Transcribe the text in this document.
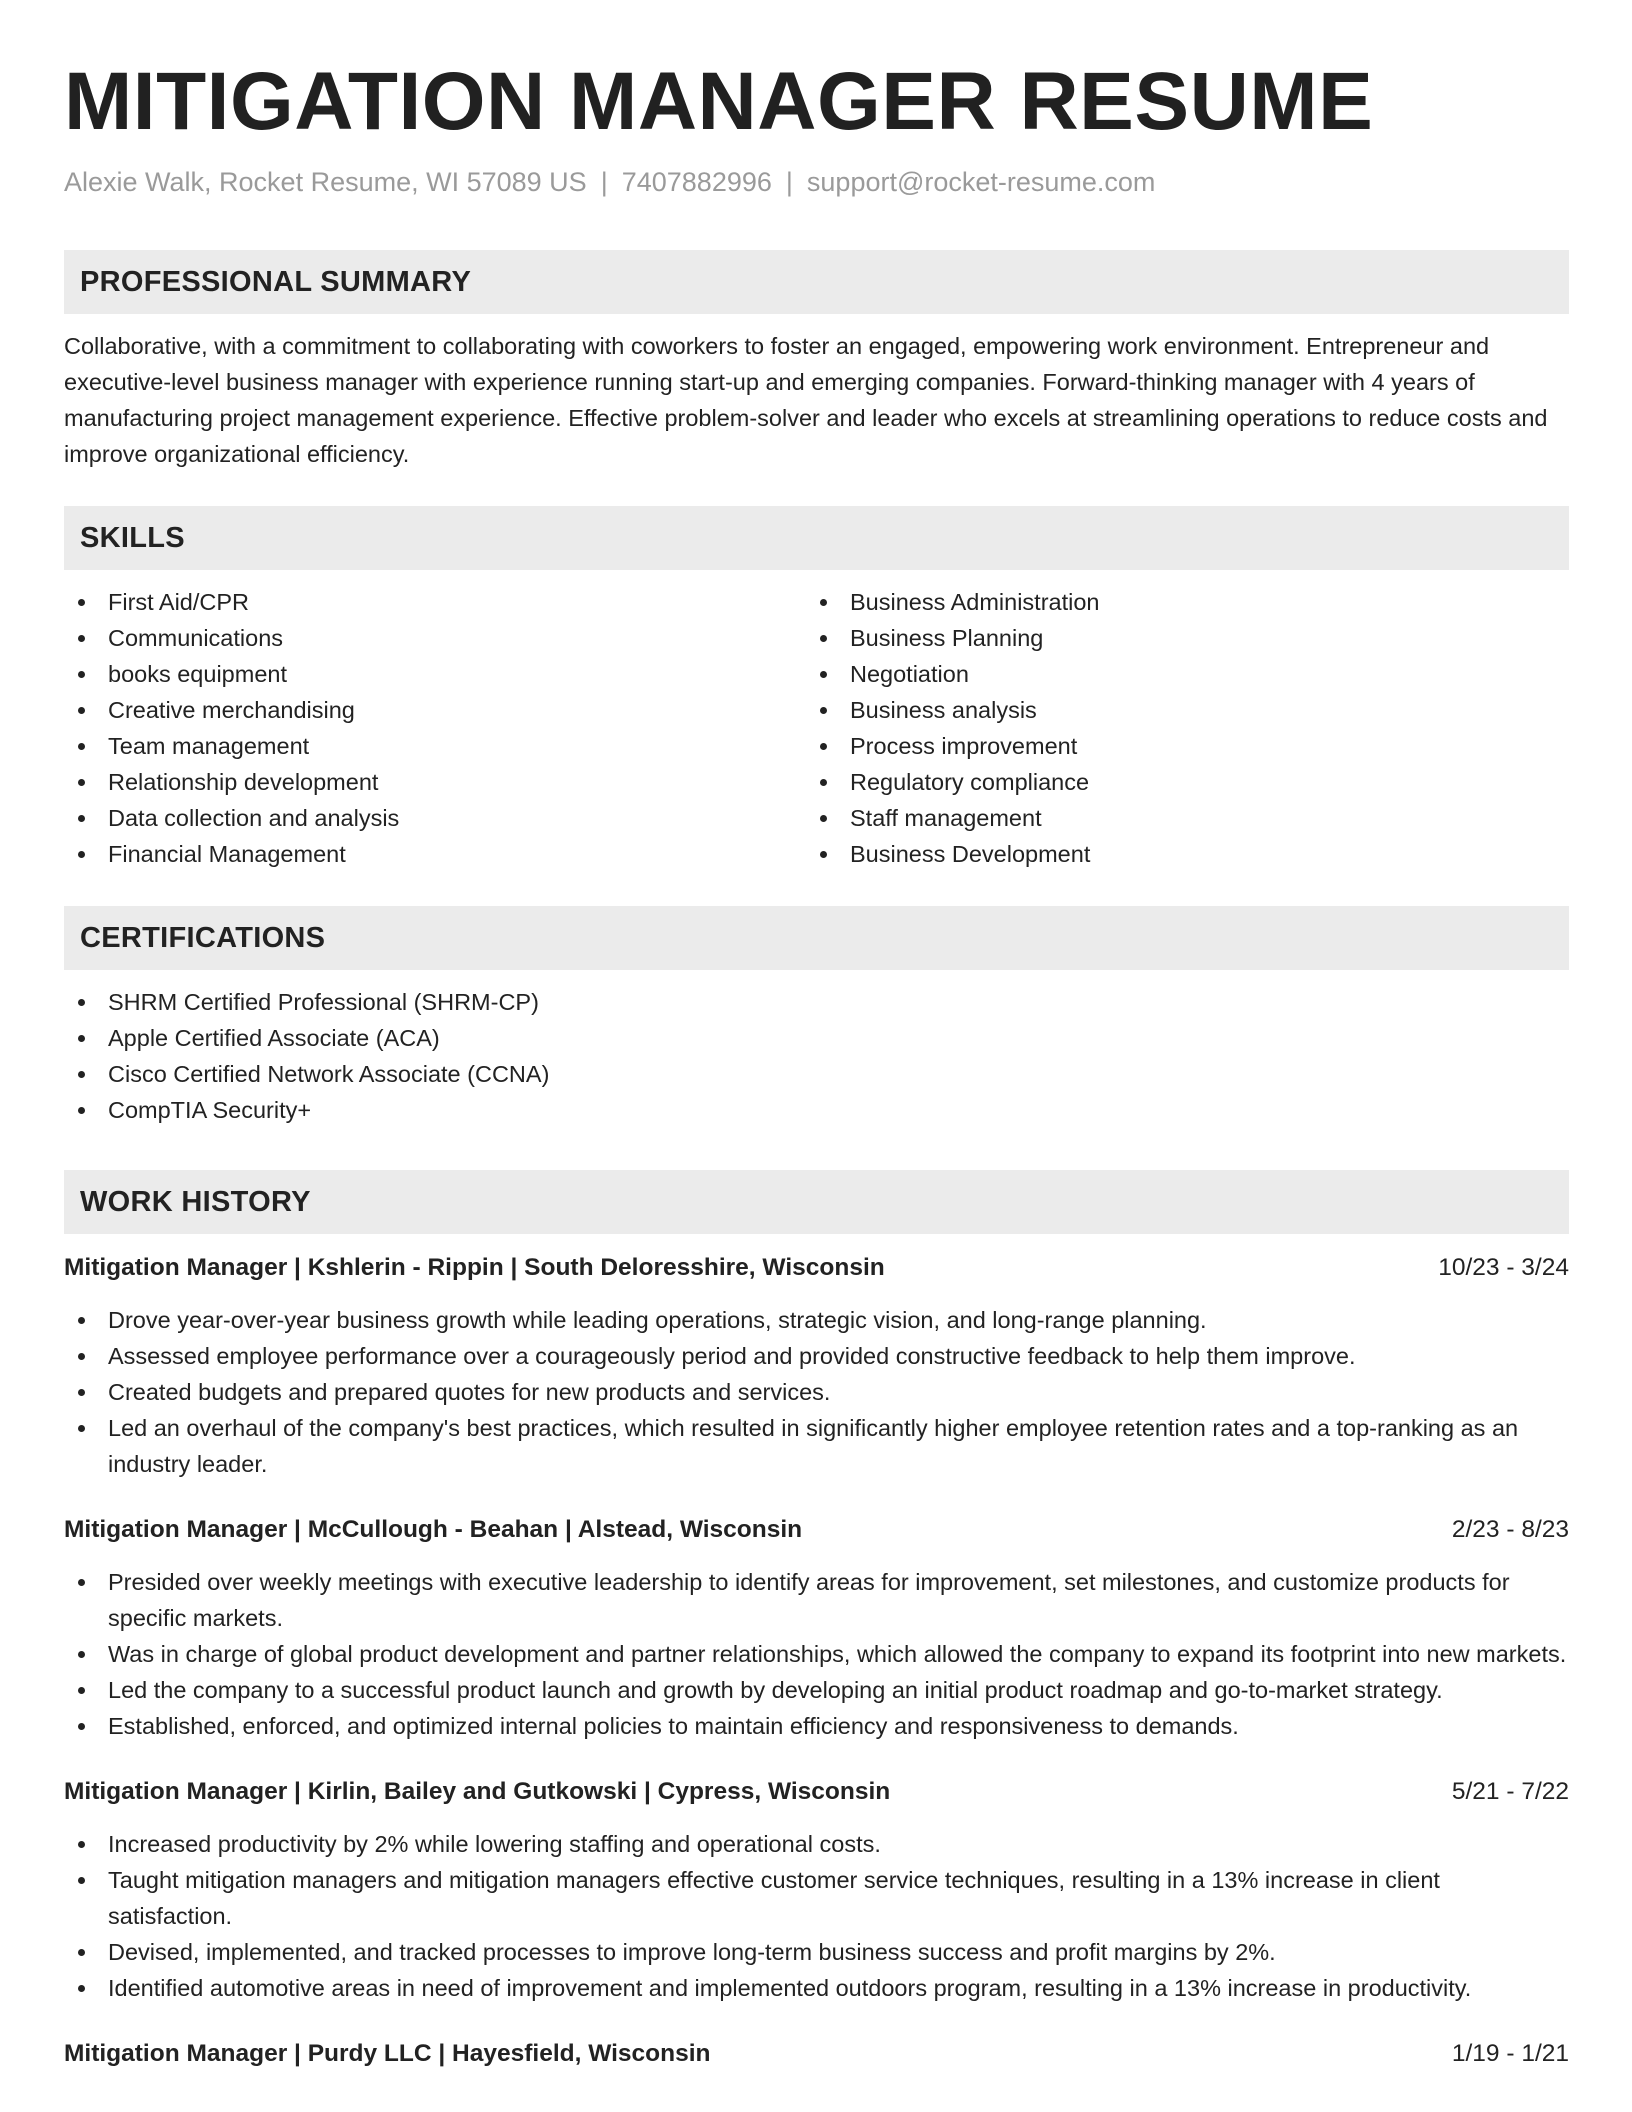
MITIGATION MANAGER RESUME
Alexie Walk, Rocket Resume, WI 57089 US | 7407882996 | support@rocket-resume.com
PROFESSIONAL SUMMARY

Collaborative, with a commitment to collaborating with coworkers to foster an engaged, empowering work environment. Entrepreneur and executive-level business manager with experience running start-up and emerging companies. Forward-thinking manager with 4 years of manufacturing project management experience. Effective problem-solver and leader who excels at streamlining operations to reduce costs and improve organizational efficiency.

SKILLS
First Aid/CPR
Communications
books equipment
Creative merchandising
Team management
Relationship development
Data collection and analysis
Financial Management
Business Administration
Business Planning
Negotiation
Business analysis
Process improvement
Regulatory compliance
Staff management
Business Development
CERTIFICATIONS
SHRM Certified Professional (SHRM-CP)
Apple Certified Associate (ACA)
Cisco Certified Network Associate (CCNA)
CompTIA Security+
WORK HISTORY
Mitigation Manager | Kshlerin - Rippin | South Deloresshire, Wisconsin	10/23 - 3/24
Drove year-over-year business growth while leading operations, strategic vision, and long-range planning.
Assessed employee performance over a courageously period and provided constructive feedback to help them improve.
Created budgets and prepared quotes for new products and services.
Led an overhaul of the company's best practices, which resulted in significantly higher employee retention rates and a top-ranking as an industry leader.
Mitigation Manager | McCullough - Beahan | Alstead, Wisconsin	2/23 - 8/23
Presided over weekly meetings with executive leadership to identify areas for improvement, set milestones, and customize products for specific markets.
Was in charge of global product development and partner relationships, which allowed the company to expand its footprint into new markets.
Led the company to a successful product launch and growth by developing an initial product roadmap and go-to-market strategy.
Established, enforced, and optimized internal policies to maintain efficiency and responsiveness to demands.
Mitigation Manager | Kirlin, Bailey and Gutkowski | Cypress, Wisconsin	5/21 - 7/22
Increased productivity by 2% while lowering staffing and operational costs.
Taught mitigation managers and mitigation managers effective customer service techniques, resulting in a 13% increase in client satisfaction.
Devised, implemented, and tracked processes to improve long-term business success and profit margins by 2%.
Identified automotive areas in need of improvement and implemented outdoors program, resulting in a 13% increase in productivity.
Mitigation Manager | Purdy LLC | Hayesfield, Wisconsin	1/19 - 1/21
